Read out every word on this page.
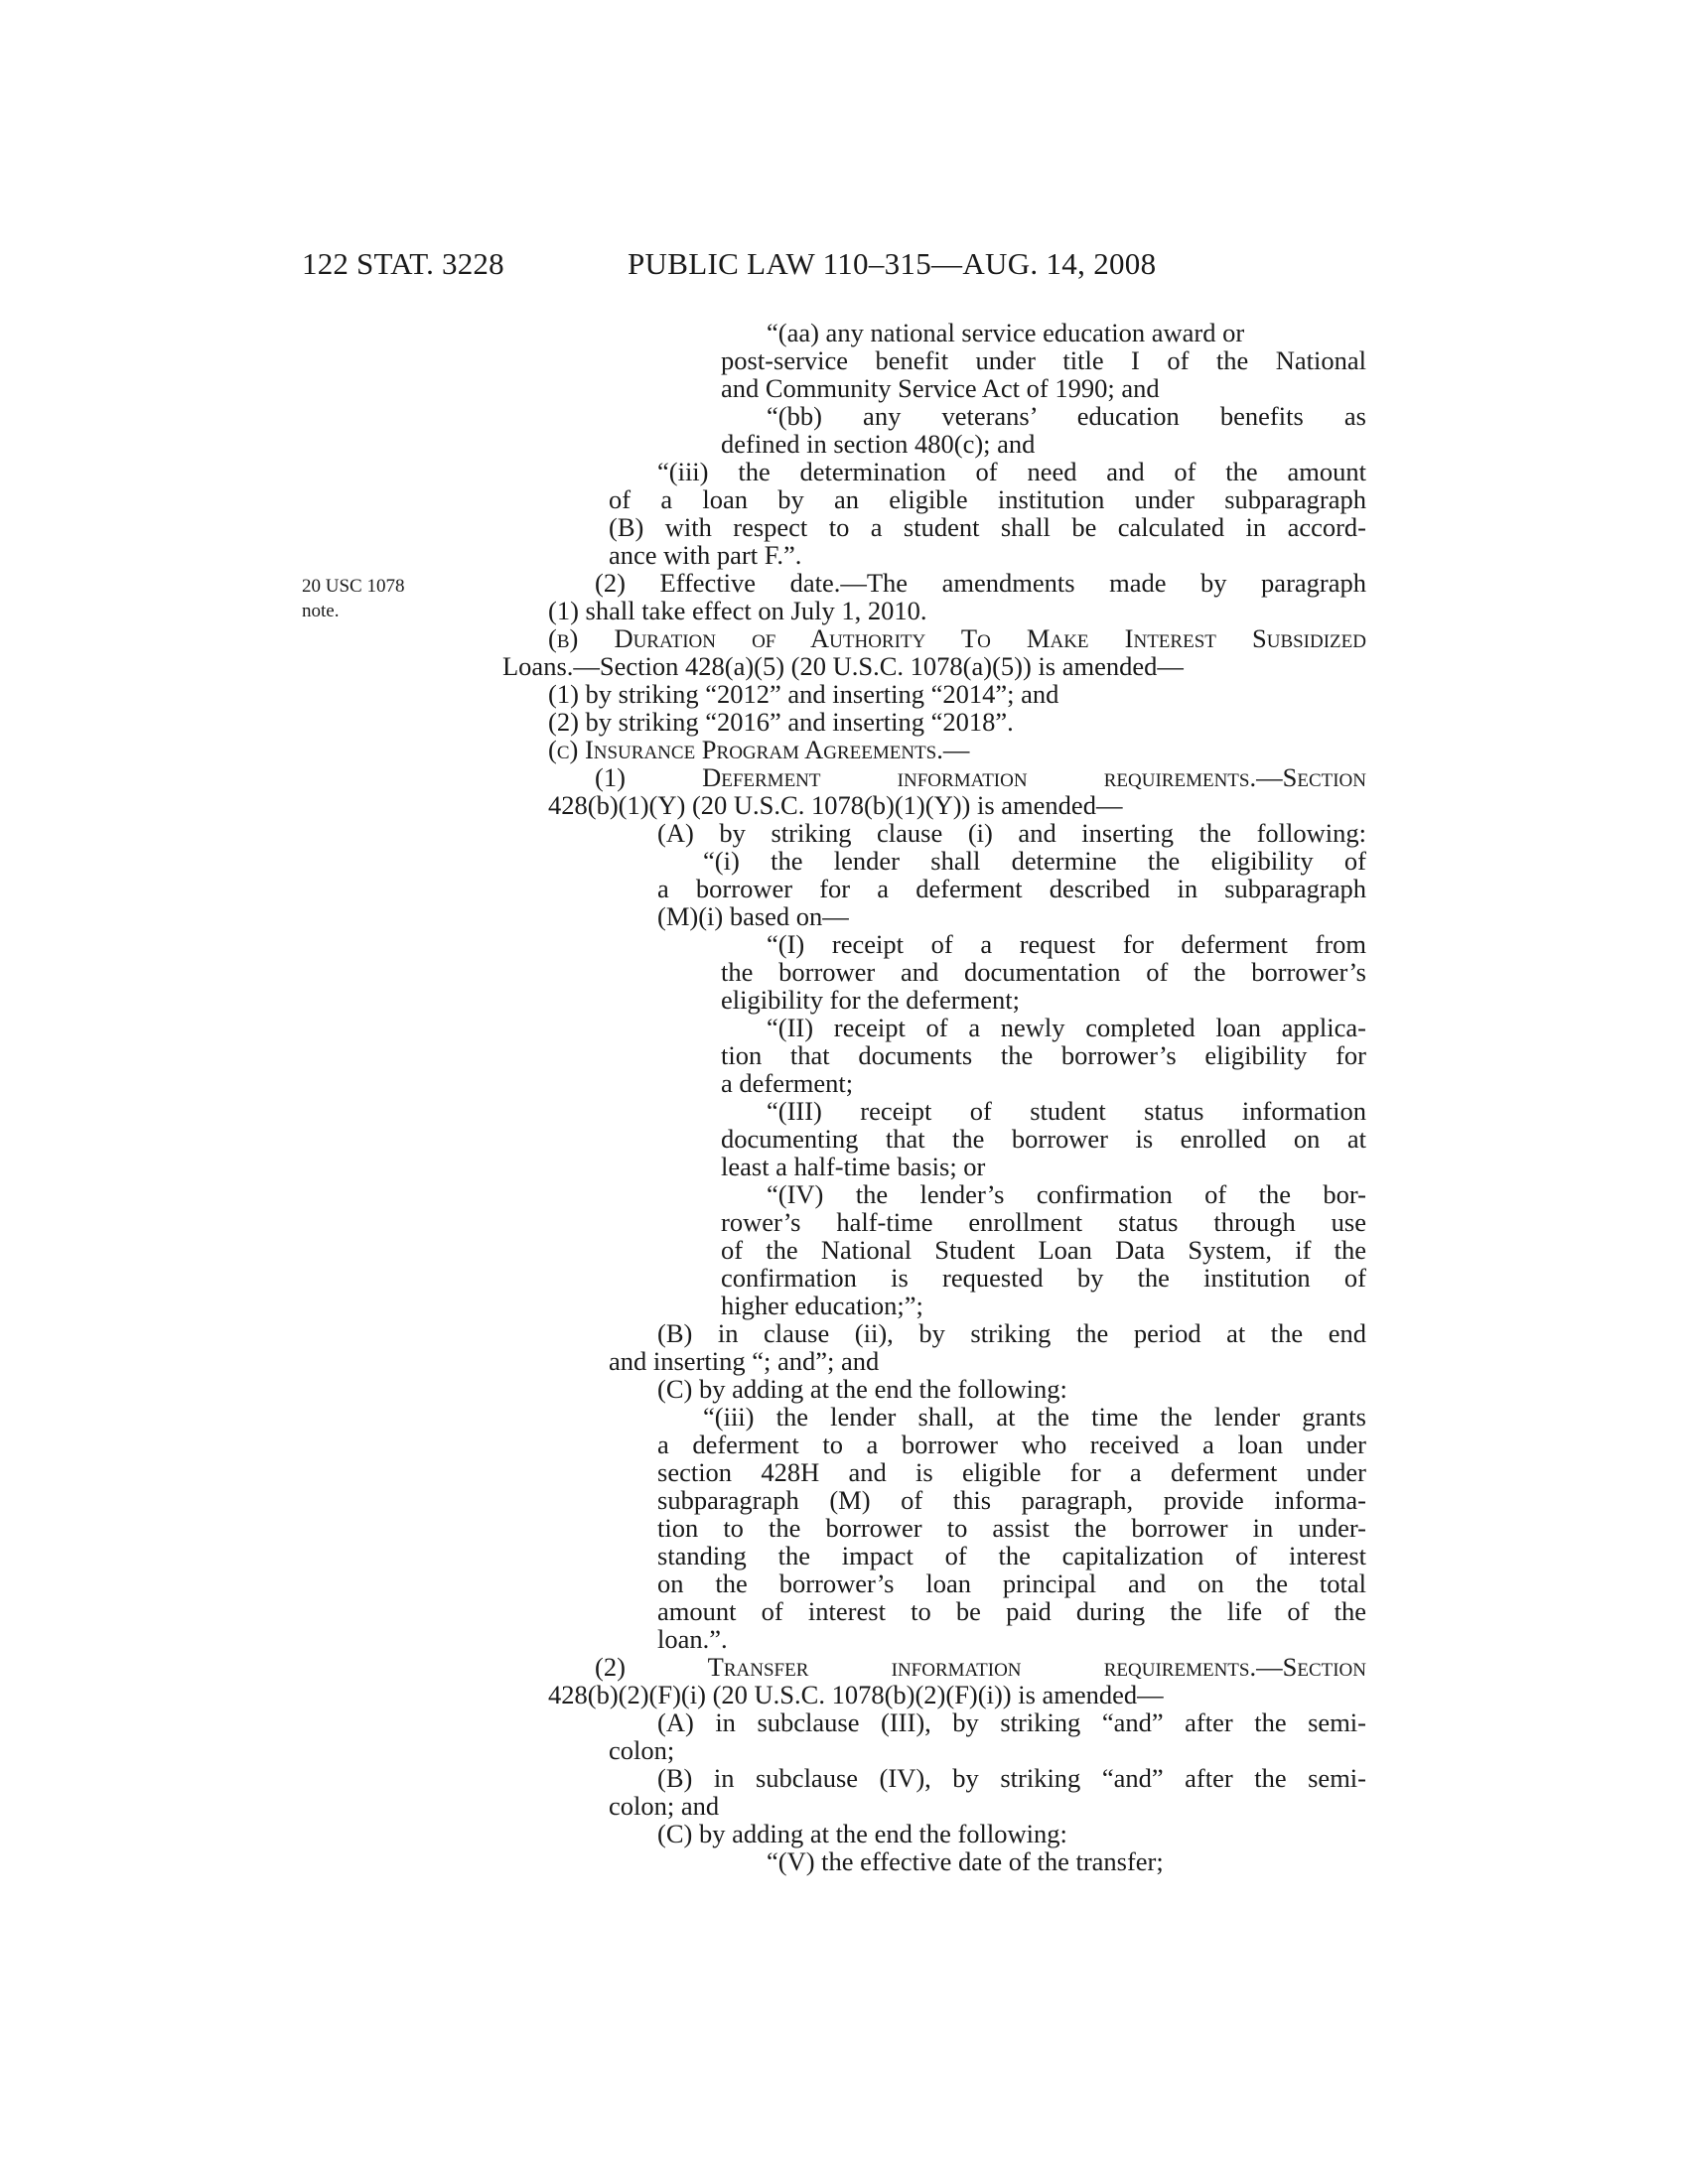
122 STAT. 3228	PUBLIC LAW 110–315—AUG. 14, 2008
20 USC 1078
note.
“(aa) any national service education award or
post-service benefit under title I of the National
and Community Service Act of 1990; and
“(bb) any veterans’ education benefits as
defined in section 480(c); and
“(iii) the determination of need and of the amount
of a loan by an eligible institution under subparagraph
(B) with respect to a student shall be calculated in accord-
ance with part F.”.
(2) Effective date.—The amendments made by paragraph
(1) shall take effect on July 1, 2010.
(b) Duration of Authority To Make Interest Subsidized
Loans.—Section 428(a)(5) (20 U.S.C. 1078(a)(5)) is amended—
(1) by striking “2012” and inserting “2014”; and
(2) by striking “2016” and inserting “2018”.
(c) Insurance Program Agreements.—
(1) Deferment information requirements.—Section
428(b)(1)(Y) (20 U.S.C. 1078(b)(1)(Y)) is amended—
(A) by striking clause (i) and inserting the following:
“(i) the lender shall determine the eligibility of
a borrower for a deferment described in subparagraph
(M)(i) based on—
“(I) receipt of a request for deferment from
the borrower and documentation of the borrower’s
eligibility for the deferment;
“(II) receipt of a newly completed loan applica-
tion that documents the borrower’s eligibility for
a deferment;
“(III) receipt of student status information
documenting that the borrower is enrolled on at
least a half-time basis; or
“(IV) the lender’s confirmation of the bor-
rower’s half-time enrollment status through use
of the National Student Loan Data System, if the
confirmation is requested by the institution of
higher education;”;
(B) in clause (ii), by striking the period at the end
and inserting “; and”; and
(C) by adding at the end the following:
“(iii) the lender shall, at the time the lender grants
a deferment to a borrower who received a loan under
section 428H and is eligible for a deferment under
subparagraph (M) of this paragraph, provide informa-
tion to the borrower to assist the borrower in under-
standing the impact of the capitalization of interest
on the borrower’s loan principal and on the total
amount of interest to be paid during the life of the
loan.”.
(2) Transfer information requirements.—Section
428(b)(2)(F)(i) (20 U.S.C. 1078(b)(2)(F)(i)) is amended—
(A) in subclause (III), by striking “and” after the semi-
colon;
(B) in subclause (IV), by striking “and” after the semi-
colon; and
(C) by adding at the end the following:
“(V) the effective date of the transfer;
